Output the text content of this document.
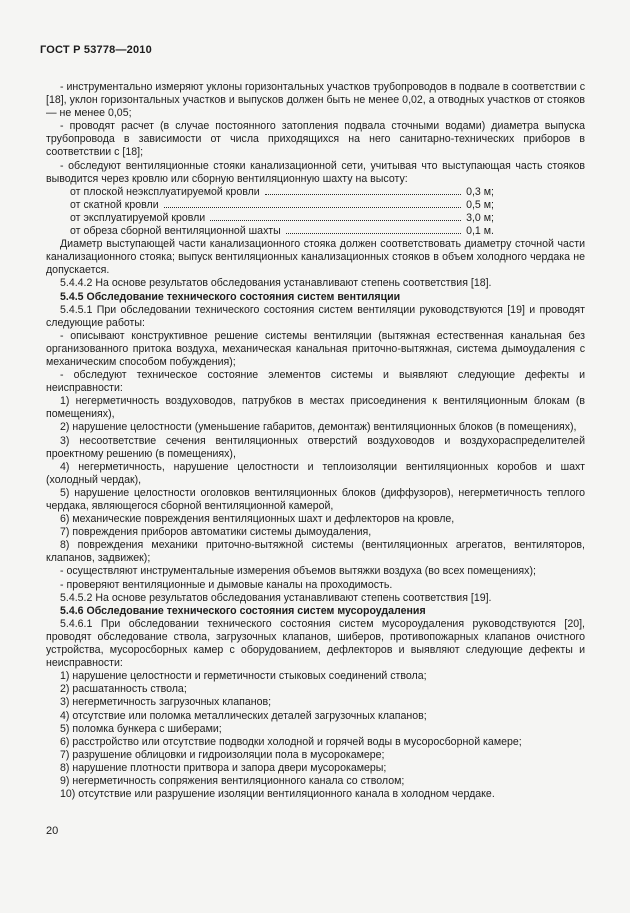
ГОСТ Р 53778—2010

- инструментально измеряют уклоны горизонтальных участков трубопроводов в подвале в соответствии с [18], уклон горизонтальных участков и выпусков должен быть не менее 0,02, а отводных участков от стояков — не менее 0,05;

- проводят расчет (в случае постоянного затопления подвала сточными водами) диаметра выпуска трубопровода в зависимости от числа приходящихся на него санитарно-технических приборов в соответствии с [18];

- обследуют вентиляционные стояки канализационной сети, учитывая что выступающая часть стояков выводится через кровлю или сборную вентиляционную шахту на высоту:

от плоской неэксплуатируемой кровли	0,3 м;
от скатной кровли	0,5 м;
от эксплуатируемой кровли	3,0 м;
от обреза сборной вентиляционной шахты	0,1 м.

Диаметр выступающей части канализационного стояка должен соответствовать диаметру сточной части канализационного стояка; выпуск вентиляционных канализационных стояков в объем холодного чердака не допускается.

5.4.4.2 На основе результатов обследования устанавливают степень соответствия [18].

5.4.5 Обследование технического состояния систем вентиляции

5.4.5.1 При обследовании технического состояния систем вентиляции руководствуются [19] и проводят следующие работы:

- описывают конструктивное решение системы вентиляции (вытяжная естественная канальная без организованного притока воздуха, механическая канальная приточно-вытяжная, система дымоудаления с механическим способом побуждения);

- обследуют техническое состояние элементов системы и выявляют следующие дефекты и неисправности:

1) негерметичность воздуховодов, патрубков в местах присоединения к вентиляционным блокам (в помещениях),

2) нарушение целостности (уменьшение габаритов, демонтаж) вентиляционных блоков (в помещениях),

3) несоответствие сечения вентиляционных отверстий воздуховодов и воздухораспределителей проектному решению (в помещениях),

4) негерметичность, нарушение целостности и теплоизоляции вентиляционных коробов и шахт (холодный чердак),

5) нарушение целостности оголовков вентиляционных блоков (диффузоров), негерметичность теплого чердака, являющегося сборной вентиляционной камерой,

6) механические повреждения вентиляционных шахт и дефлекторов на кровле,

7) повреждения приборов автоматики системы дымоудаления,

8) повреждения механики приточно-вытяжной системы (вентиляционных агрегатов, вентиляторов, клапанов, задвижек);

- осуществляют инструментальные измерения объемов вытяжки воздуха (во всех помещениях);

- проверяют вентиляционные и дымовые каналы на проходимость.

5.4.5.2 На основе результатов обследования устанавливают степень соответствия [19].

5.4.6 Обследование технического состояния систем мусороудаления

5.4.6.1 При обследовании технического состояния систем мусороудаления руководствуются [20], проводят обследование ствола, загрузочных клапанов, шиберов, противопожарных клапанов очистного устройства, мусоросборных камер с оборудованием, дефлекторов и выявляют следующие дефекты и неисправности:

1) нарушение целостности и герметичности стыковых соединений ствола;

2) расшатанность ствола;

3) негерметичность загрузочных клапанов;

4) отсутствие или поломка металлических деталей загрузочных клапанов;

5) поломка бункера с шиберами;

6) расстройство или отсутствие подводки холодной и горячей воды в мусоросборной камере;

7) разрушение облицовки и гидроизоляции пола в мусорокамере;

8) нарушение плотности притвора и запора двери мусорокамеры;

9) негерметичность сопряжения вентиляционного канала со стволом;

10) отсутствие или разрушение изоляции вентиляционного канала в холодном чердаке.

20
